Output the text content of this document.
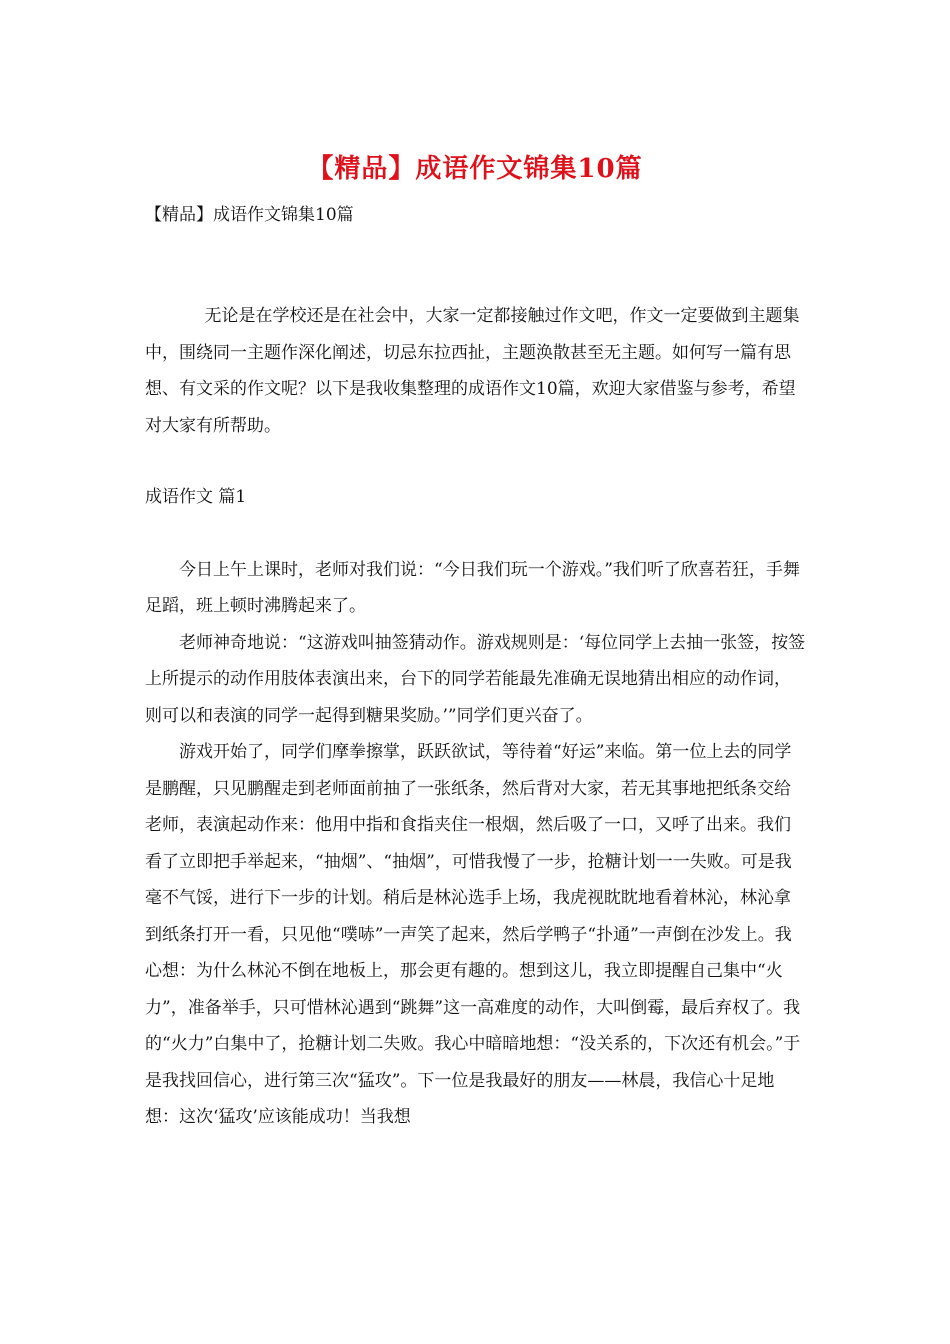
【精品】成语作文锦集10篇
【精品】成语作文锦集10篇

无论是在学校还是在社会中，大家一定都接触过作文吧，作文一定要做到主题集中，围绕同一主题作深化阐述，切忌东拉西扯，主题涣散甚至无主题。如何写一篇有思想、有文采的作文呢？以下是我收集整理的成语作文10篇，欢迎大家借鉴与参考，希望对大家有所帮助。

成语作文 篇1

今日上午上课时，老师对我们说：“今日我们玩一个游戏。”我们听了欣喜若狂，手舞足蹈，班上顿时沸腾起来了。

老师神奇地说：“这游戏叫抽签猜动作。游戏规则是：‘每位同学上去抽一张签，按签上所提示的动作用肢体表演出来，台下的同学若能最先准确无误地猜出相应的动作词，则可以和表演的同学一起得到糖果奖励。’”同学们更兴奋了。

游戏开始了，同学们摩拳擦掌，跃跃欲试，等待着“好运”来临。第一位上去的同学是鹏醒，只见鹏醒走到老师面前抽了一张纸条，然后背对大家，若无其事地把纸条交给老师，表演起动作来：他用中指和食指夹住一根烟，然后吸了一口，又呼了出来。我们看了立即把手举起来，“抽烟”、“抽烟”，可惜我慢了一步，抢糖计划一一失败。可是我毫不气馁，进行下一步的计划。稍后是林沁选手上场，我虎视眈眈地看着林沁，林沁拿到纸条打开一看，只见他“噗哧”一声笑了起来，然后学鸭子“扑通”一声倒在沙发上。我心想：为什么林沁不倒在地板上，那会更有趣的。想到这儿，我立即提醒自己集中“火力”，准备举手，只可惜林沁遇到“跳舞”这一高难度的动作，大叫倒霉，最后弃权了。我的“火力”白集中了，抢糖计划二失败。我心中暗暗地想：“没关系的，下次还有机会。”于是我找回信心，进行第三次“猛攻”。下一位是我最好的朋友——林晨，我信心十足地想：这次‘猛攻’应该能成功！当我想
